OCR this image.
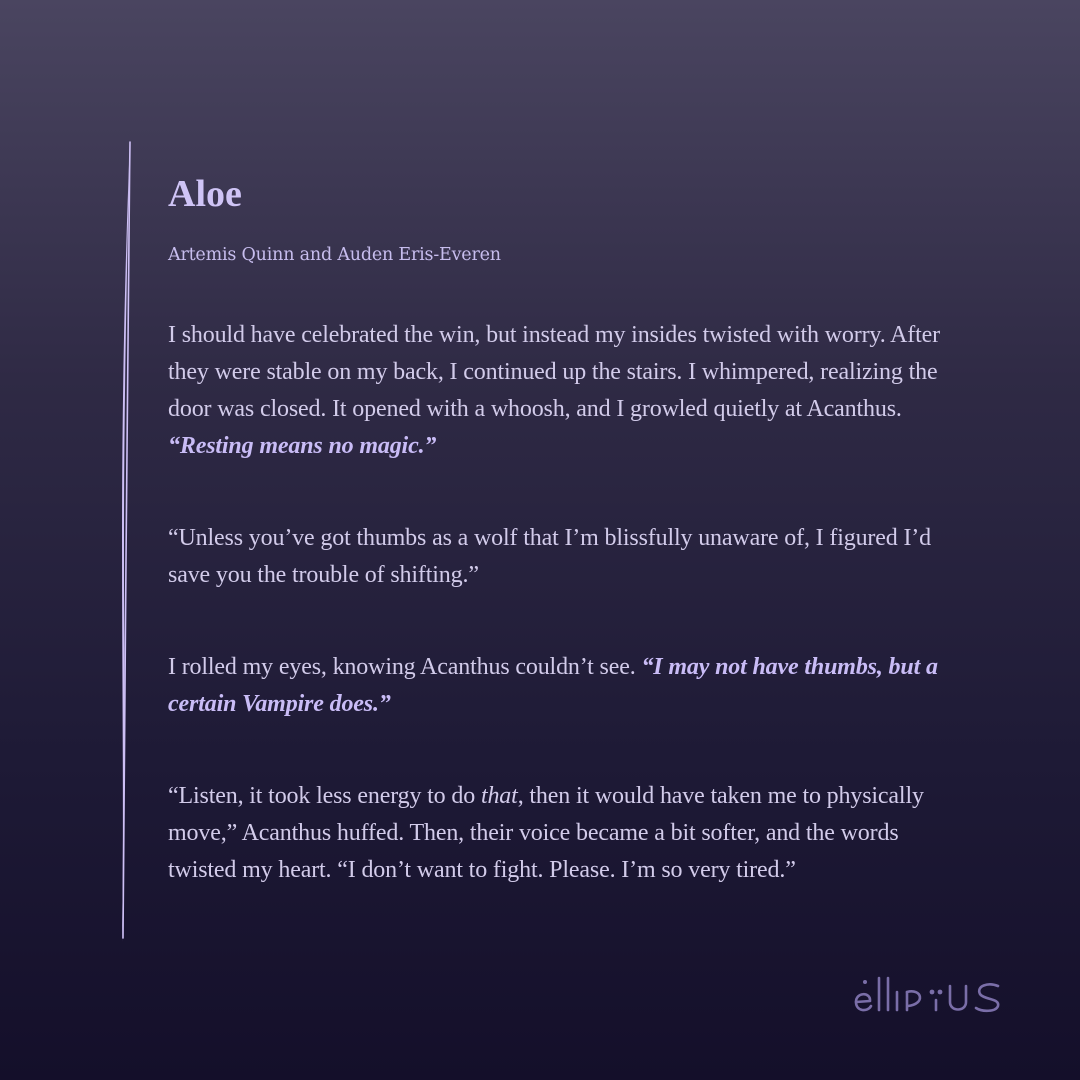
Aloe
Artemis Quinn and Auden Eris-Everen

I should have celebrated the win, but instead my insides twisted with worry. After they were stable on my back, I continued up the stairs. I whimpered, realizing the door was closed. It opened with a whoosh, and I growled quietly at Acanthus. “Resting means no magic.”

“Unless you’ve got thumbs as a wolf that I’m blissfully unaware of, I figured I’d save you the trouble of shifting.”

I rolled my eyes, knowing Acanthus couldn’t see. “I may not have thumbs, but a certain Vampire does.”

“Listen, it took less energy to do that, then it would have taken me to physically move,” Acanthus huffed. Then, their voice became a bit softer, and the words twisted my heart. “I don’t want to fight. Please. I’m so very tired.”
